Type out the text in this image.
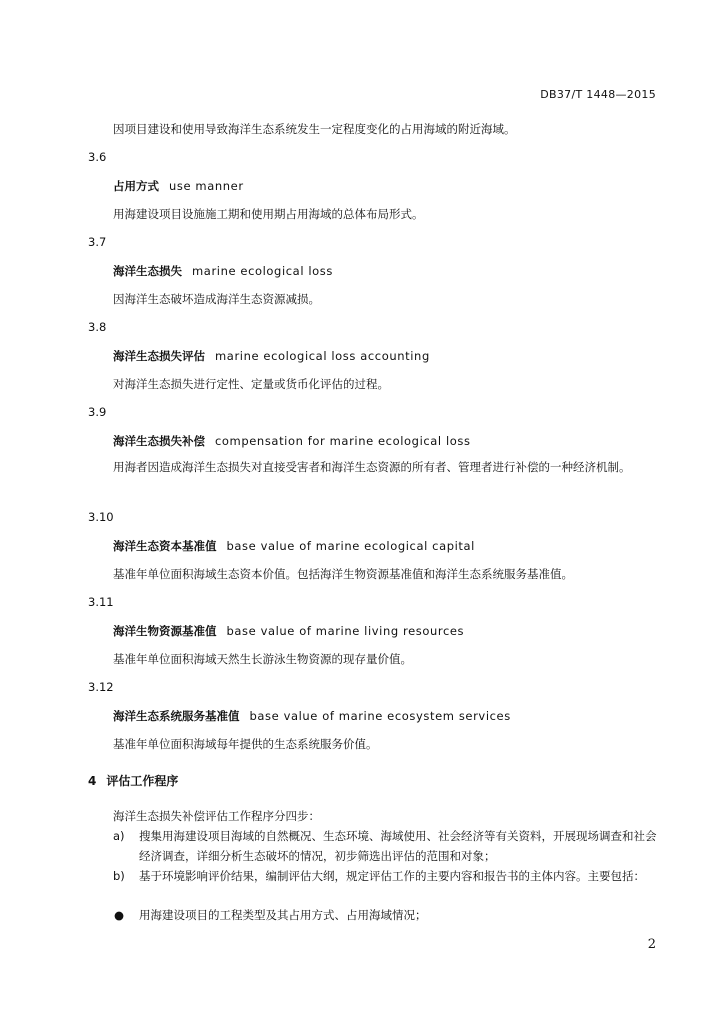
DB37/T 1448—2015
因项目建设和使用导致海洋生态系统发生一定程度变化的占用海域的附近海域。
3.6
占用方式 use manner
用海建设项目设施施工期和使用期占用海域的总体布局形式。
3.7
海洋生态损失 marine ecological loss
因海洋生态破坏造成海洋生态资源减损。
3.8
海洋生态损失评估 marine ecological loss accounting
对海洋生态损失进行定性、定量或货币化评估的过程。
3.9
海洋生态损失补偿 compensation for marine ecological loss
用海者因造成海洋生态损失对直接受害者和海洋生态资源的所有者、管理者进行补偿的一种经济机制。
3.10
海洋生态资本基准值 base value of marine ecological capital
基准年单位面积海域生态资本价值。包括海洋生物资源基准值和海洋生态系统服务基准值。
3.11
海洋生物资源基准值 base value of marine living resources
基准年单位面积海域天然生长游泳生物资源的现存量价值。
3.12
海洋生态系统服务基准值 base value of marine ecosystem services
基准年单位面积海域每年提供的生态系统服务价值。
4 评估工作程序
海洋生态损失补偿评估工作程序分四步：
a) 搜集用海建设项目海域的自然概况、生态环境、海域使用、社会经济等有关资料，开展现场调查和社会经济调查，详细分析生态破坏的情况，初步筛选出评估的范围和对象；
b) 基于环境影响评价结果，编制评估大纲，规定评估工作的主要内容和报告书的主体内容。主要包括：
● 用海建设项目的工程类型及其占用方式、占用海域情况；
2
